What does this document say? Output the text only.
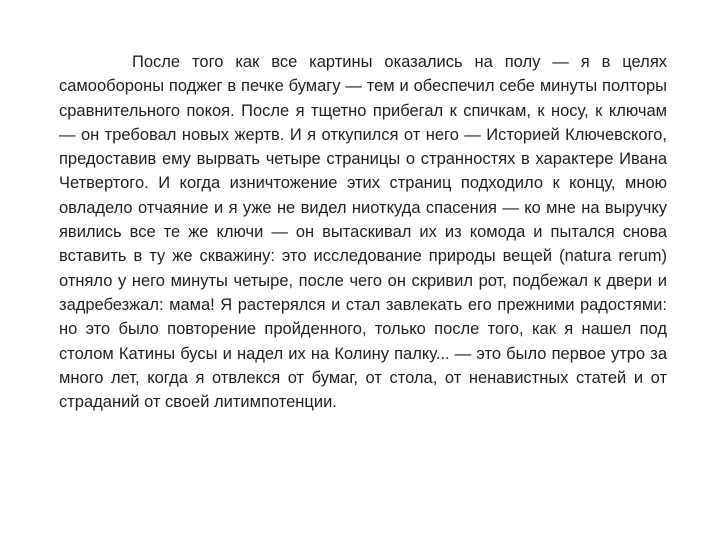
После того как все картины оказались на полу — я в целях самообороны поджег в печке бумагу — тем и обеспечил себе минуты полторы сравнительного покоя. После я тщетно прибегал к спичкам, к носу, к ключам — он требовал новых жертв. И я откупился от него — Историей Ключевского, предоставив ему вырвать четыре страницы о странностях в характере Ивана Четвертого. И когда изничтожение этих страниц подходило к концу, мною овладело отчаяние и я уже не видел ниоткуда спасения — ко мне на выручку явились все те же ключи — он вытаскивал их из комода и пытался снова вставить в ту же скважину: это исследование природы вещей (natura rerum) отняло у него минуты четыре, после чего он скривил рот, подбежал к двери и задребезжал: мама! Я растерялся и стал завлекать его прежними радостями: но это было повторение пройденного, только после того, как я нашел под столом Катины бусы и надел их на Колину палку... — это было первое утро за много лет, когда я отвлекся от бумаг, от стола, от ненавистных статей и от страданий от своей литимпотенции.
